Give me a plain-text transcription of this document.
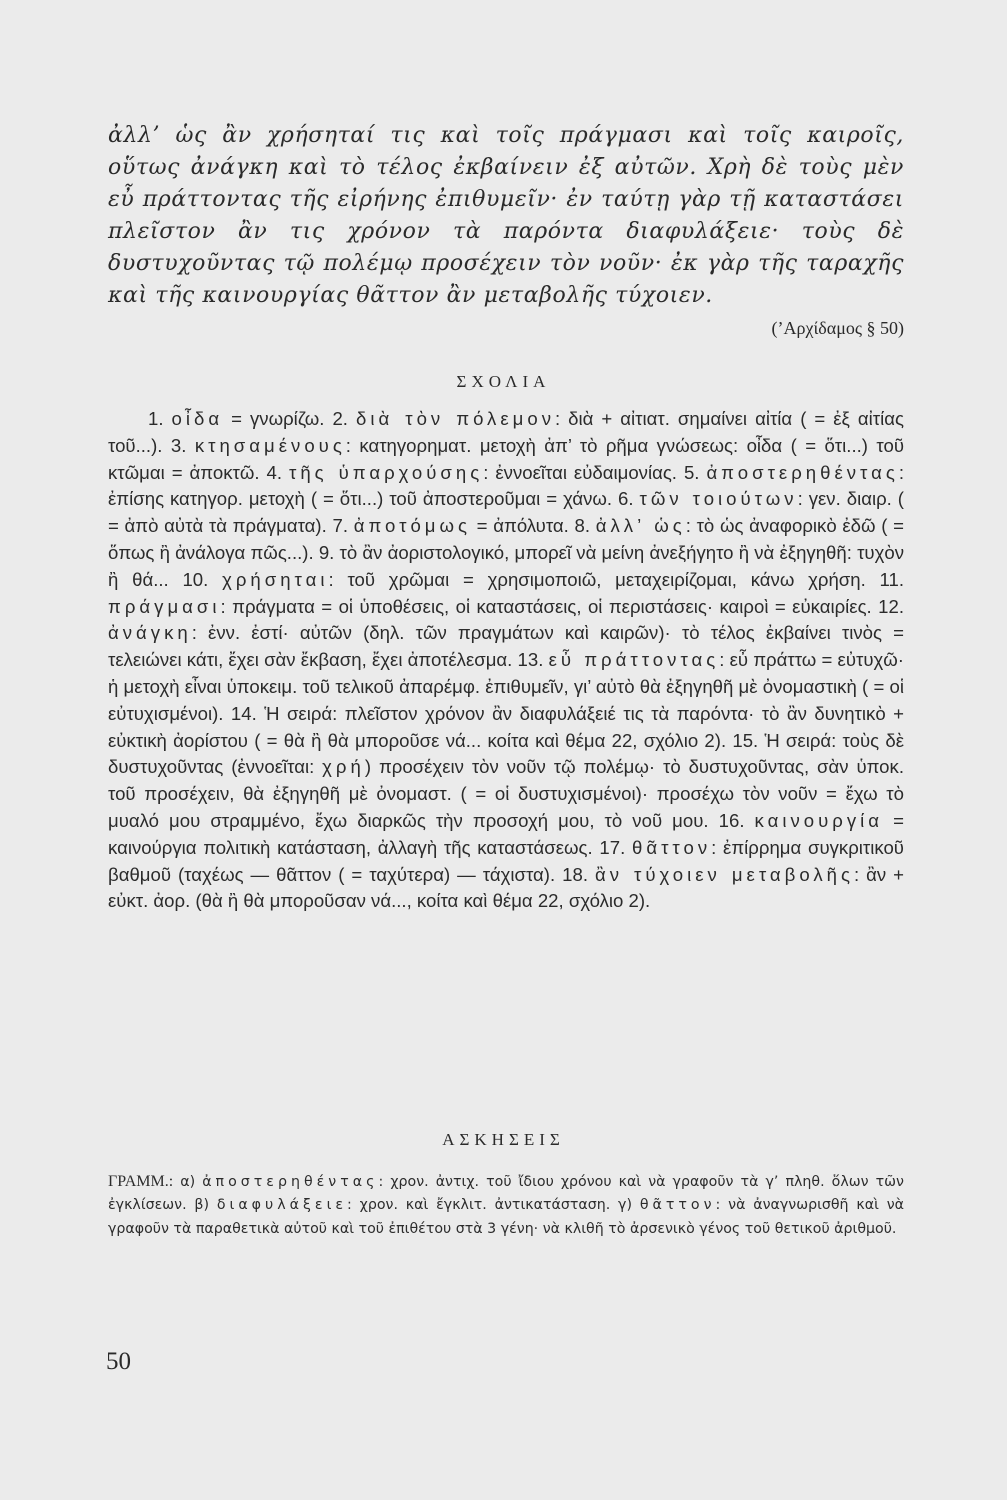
ἀλλ’ ὡς ἂν χρήσηταί τις καὶ τοῖς πράγμασι καὶ τοῖς καιροῖς, οὕτως ἀνάγκη καὶ τὸ τέλος ἐκβαίνειν ἐξ αὐτῶν. Χρὴ δὲ τοὺς μὲν εὖ πράττοντας τῆς εἰρήνης ἐπιθυμεῖν· ἐν ταύτῃ γὰρ τῇ καταστάσει πλεῖστον ἂν τις χρόνον τὰ παρόντα διαφυλάξειε· τοὺς δὲ δυστυχοῦντας τῷ πολέμῳ προσέχειν τὸν νοῦν· ἐκ γὰρ τῆς ταραχῆς καὶ τῆς καινουργίας θᾶττον ἂν μεταβολῆς τύχοιεν.

(’Αρχίδαμος § 50)
ΣΧΟΛΙΑ

1. οἶδα = γνωρίζω. 2. διὰ τὸν πόλεμον: διὰ + αἰτιατ. σημαίνει αἰτία ( = ἐξ αἰτίας τοῦ...). 3. κτησαμένους: κατηγορηματ. μετοχὴ ἀπ’ τὸ ρῆμα γνώσεως: οἶδα ( = ὅτι...) τοῦ κτῶμαι = ἀποκτῶ. 4. τῆς ὑπαρχούσης: ἐννοεῖται εὐδαιμονίας. 5. ἀποστερηθέντας: ἐπίσης κατηγορ. μετοχὴ ( = ὅτι...) τοῦ ἀποστεροῦμαι = χάνω. 6. τῶν τοιούτων: γεν. διαιρ. ( = ἀπὸ αὐτὰ τὰ πράγματα). 7. ἀποτόμως = ἀπόλυτα. 8. ἀλλ’ ὡς: τὸ ὡς ἀναφορικὸ ἐδῶ ( = ὅπως ἢ ἀνάλογα πῶς...). 9. τὸ ἂν ἀοριστολογικό, μπορεῖ νὰ μείνη ἀνεξήγητο ἢ νὰ ἐξηγηθῆ: τυχὸν ἢ θά... 10. χρήσηται: τοῦ χρῶμαι = χρησιμοποιῶ, μεταχειρίζομαι, κάνω χρήση. 11. πράγμασι: πράγματα = οἱ ὑποθέσεις, οἱ καταστάσεις, οἱ περιστάσεις· καιροὶ = εὐκαιρίες. 12. ἀνάγκη: ἐνν. ἐστί· αὐτῶν (δηλ. τῶν πραγμάτων καὶ καιρῶν)· τὸ τέλος ἐκβαίνει τινὸς = τελειώνει κάτι, ἔχει σὰν ἔκβαση, ἔχει ἀποτέλεσμα. 13. εὖ πράττοντας: εὖ πράττω = εὐτυχῶ· ἡ μετοχὴ εἶναι ὑποκειμ. τοῦ τελικοῦ ἀπαρέμφ. ἐπιθυμεῖν, γι’ αὐτὸ θὰ ἐξηγηθῆ μὲ ὀνομαστικὴ ( = οἱ εὐτυχισμένοι). 14. Ἡ σειρά: πλεῖστον χρόνον ἂν διαφυλάξειέ τις τὰ παρόντα· τὸ ἂν δυνητικὸ + εὐκτικὴ ἀορίστου ( = θὰ ἢ θὰ μποροῦσε νά... κοίτα καὶ θέμα 22, σχόλιο 2). 15. Ἡ σειρά: τοὺς δὲ δυστυχοῦντας (ἐννοεῖται: χρή) προσέχειν τὸν νοῦν τῷ πολέμῳ· τὸ δυστυχοῦντας, σὰν ὑποκ. τοῦ προσέχειν, θὰ ἐξηγηθῆ μὲ ὀνομαστ. ( = οἱ δυστυχισμένοι)· προσέχω τὸν νοῦν = ἔχω τὸ μυαλό μου στραμμένο, ἔχω διαρκῶς τὴν προσοχή μου, τὸ νοῦ μου. 16. καινουργία = καινούργια πολιτικὴ κατάσταση, ἀλλαγὴ τῆς καταστάσεως. 17. θᾶττον: ἐπίρρημα συγκριτικοῦ βαθμοῦ (ταχέως — θᾶττον ( = ταχύτερα) — τάχιστα). 18. ἂν τύχοιεν μεταβολῆς: ἂν + εὐκτ. ἀορ. (θὰ ἢ θὰ μποροῦσαν νά..., κοίτα καὶ θέμα 22, σχόλιο 2).

ΑΣΚΗΣΕΙΣ

ΓΡΑΜΜ.: α) ἀποστερηθέντας: χρον. ἀντιχ. τοῦ ἴδιου χρόνου καὶ νὰ γραφοῦν τὰ γ’ πληθ. ὅλων τῶν ἐγκλίσεων. β) διαφυλάξειε: χρον. καὶ ἔγκλιτ. ἀντικατάσταση. γ) θᾶττον: νὰ ἀναγνωρισθῆ καὶ νὰ γραφοῦν τὰ παραθετικὰ αὐτοῦ καὶ τοῦ ἐπιθέτου στὰ 3 γένη· νὰ κλιθῆ τὸ ἀρσενικὸ γένος τοῦ θετικοῦ ἀριθμοῦ.

50
